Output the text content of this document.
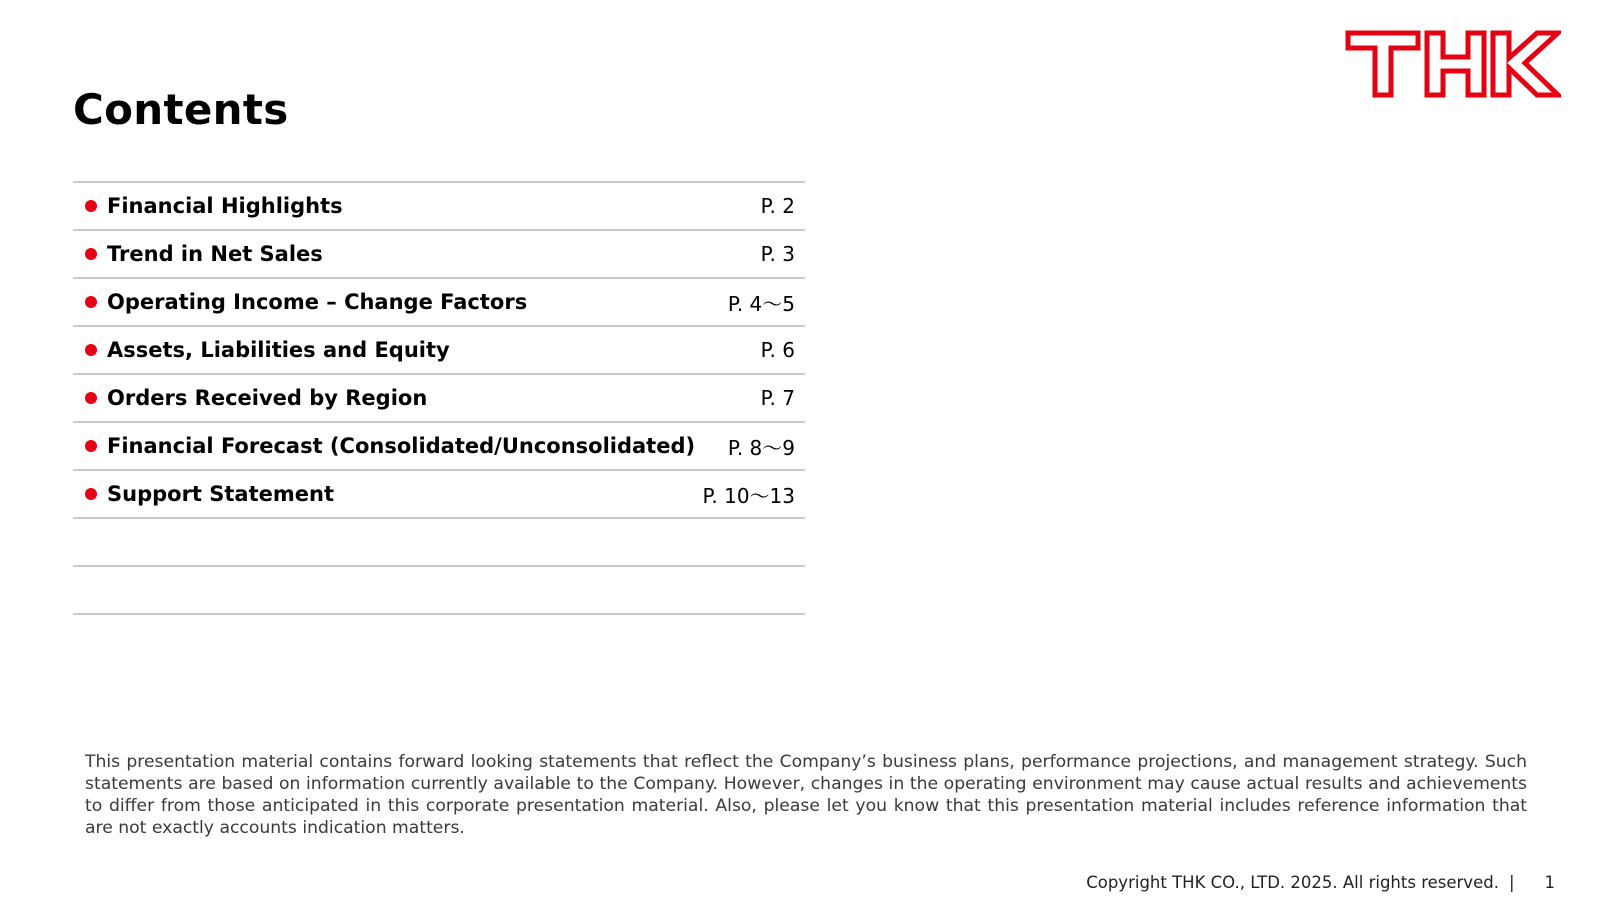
Contents
Financial Highlights	P. 2
Trend in Net Sales	P. 3
Operating Income – Change Factors	P. 4～5
Assets, Liabilities and Equity	P. 6
Orders Received by Region	P. 7
Financial Forecast (Consolidated/Unconsolidated) P. 8～9
Support Statement	P. 10～13

This presentation material contains forward looking statements that reflect the Company’s business plans, performance projections, and management strategy. Such statements are based on information currently available to the Company. However, changes in the operating environment may cause actual results and achievements to differ from those anticipated in this corporate presentation material. Also, please let you know that this presentation material includes reference information that are not exactly accounts indication matters.

Copyright THK CO., LTD. 2025. All rights reserved. | 1
